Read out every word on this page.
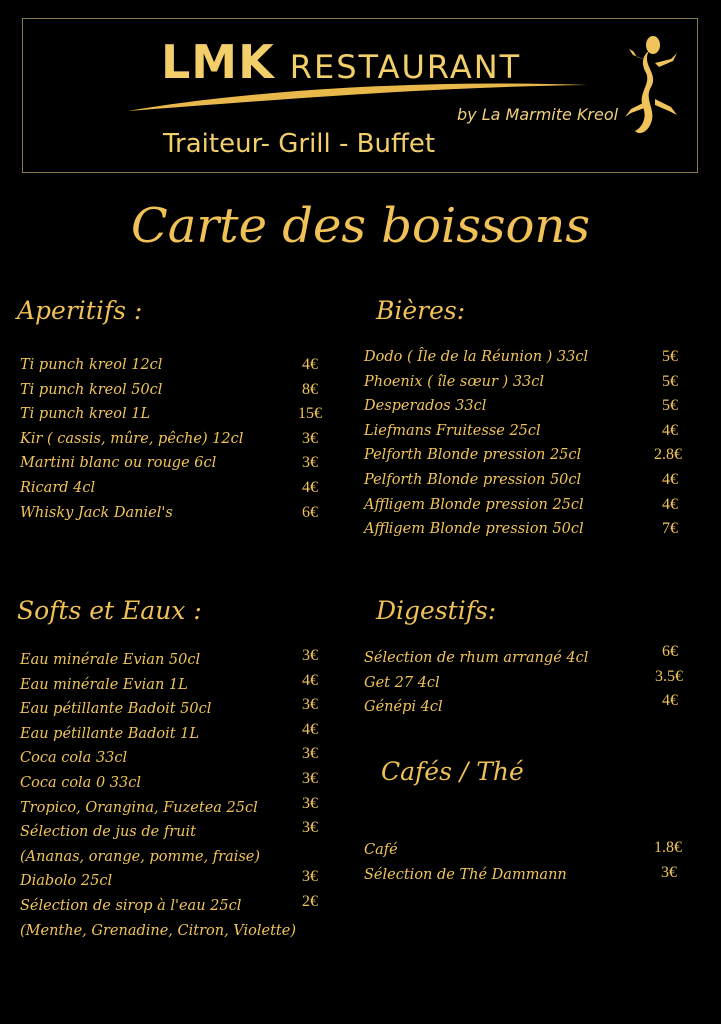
LMK RESTAURANT
by La Marmite Kreol
Traiteur- Grill - Buffet
Carte des boissons
Aperitifs :
Ti punch kreol 12cl	4€
Ti punch kreol 50cl	8€
Ti punch kreol 1L	15€
Kir ( cassis, mûre, pêche) 12cl	3€
Martini blanc ou rouge 6cl	3€
Ricard 4cl	4€
Whisky Jack Daniel's	6€
Bières:
Dodo ( Île de la Réunion ) 33cl	5€
Phoenix ( île sœur ) 33cl	5€
Desperados 33cl	5€
Liefmans Fruitesse 25cl	4€
Pelforth Blonde pression 25cl	2.8€
Pelforth Blonde pression 50cl	4€
Affligem Blonde pression 25cl	4€
Affligem Blonde pression 50cl	7€
Softs et Eaux :
Eau minérale Evian 50cl	3€
Eau minérale Evian 1L	4€
Eau pétillante Badoit 50cl	3€
Eau pétillante Badoit 1L	4€
Coca cola 33cl	3€
Coca cola 0 33cl	3€
Tropico, Orangina, Fuzetea 25cl	3€
Sélection de jus de fruit	3€
(Ananas, orange, pomme, fraise)
Diabolo 25cl	3€
Sélection de sirop à l'eau 25cl	2€
(Menthe, Grenadine, Citron, Violette)
Digestifs:
Sélection de rhum arrangé 4cl	6€
Get 27 4cl	3.5€
Génépi 4cl	4€
Cafés / Thé
Café	1.8€
Sélection de Thé Dammann	3€
